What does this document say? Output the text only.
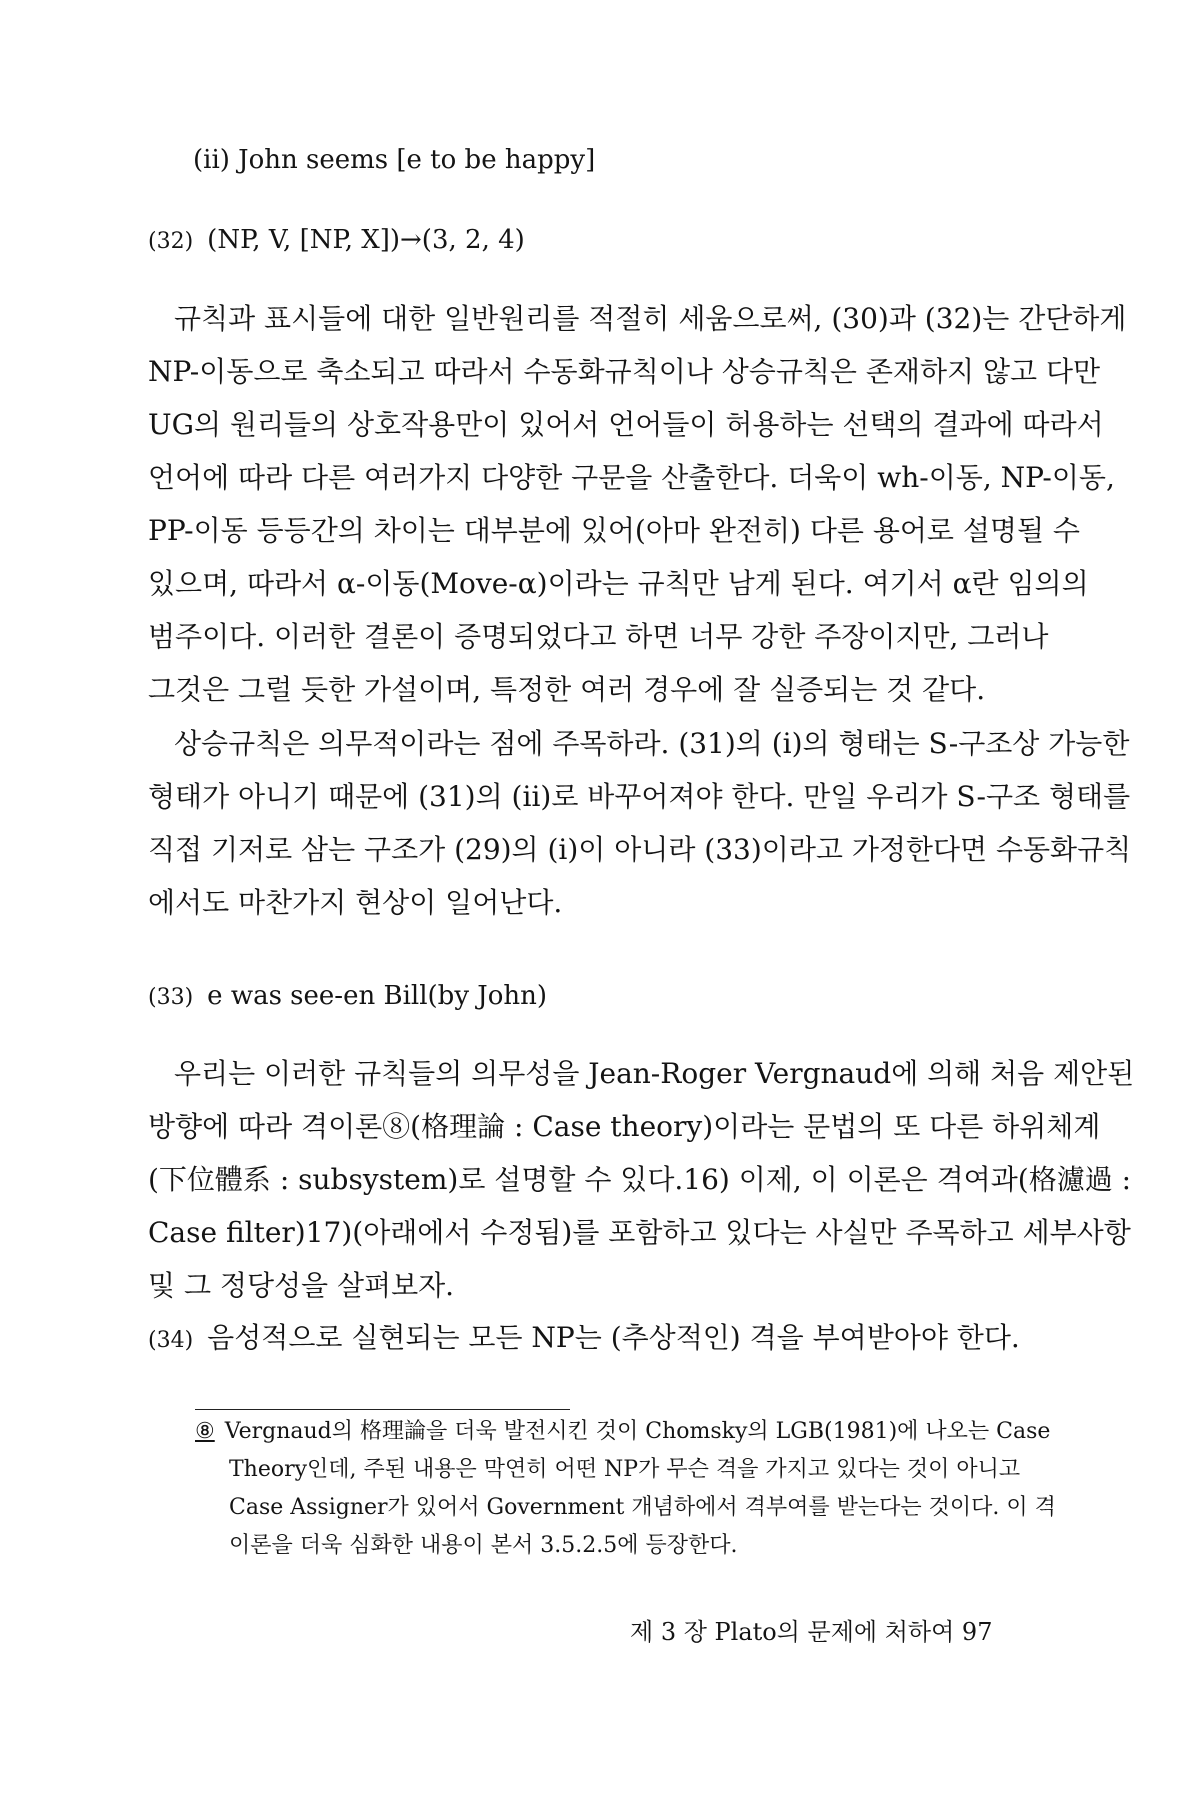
(ii) John seems [e to be happy]
(32) (NP, V, [NP, X])→(3, 2, 4)
규칙과 표시들에 대한 일반원리를 적절히 세움으로써, (30)과 (32)는 간단하게
NP-이동으로 축소되고 따라서 수동화규칙이나 상승규칙은 존재하지 않고 다만
UG의 원리들의 상호작용만이 있어서 언어들이 허용하는 선택의 결과에 따라서
언어에 따라 다른 여러가지 다양한 구문을 산출한다. 더욱이 wh-이동, NP-이동,
PP-이동 등등간의 차이는 대부분에 있어(아마 완전히) 다른 용어로 설명될 수
있으며, 따라서 α-이동(Move-α)이라는 규칙만 남게 된다. 여기서 α란 임의의
범주이다. 이러한 결론이 증명되었다고 하면 너무 강한 주장이지만, 그러나
그것은 그럴 듯한 가설이며, 특정한 여러 경우에 잘 실증되는 것 같다.
상승규칙은 의무적이라는 점에 주목하라. (31)의 (i)의 형태는 S-구조상 가능한
형태가 아니기 때문에 (31)의 (ii)로 바꾸어져야 한다. 만일 우리가 S-구조 형태를
직접 기저로 삼는 구조가 (29)의 (i)이 아니라 (33)이라고 가정한다면 수동화규칙
에서도 마찬가지 현상이 일어난다.
(33) e was see-en Bill(by John)
우리는 이러한 규칙들의 의무성을 Jean-Roger Vergnaud에 의해 처음 제안된
방향에 따라 격이론⑧(格理論 : Case theory)이라는 문법의 또 다른 하위체계
(下位體系 : subsystem)로 설명할 수 있다.16) 이제, 이 이론은 격여과(格濾過 :
Case filter)17)(아래에서 수정됨)를 포함하고 있다는 사실만 주목하고 세부사항
및 그 정당성을 살펴보자.
(34) 음성적으로 실현되는 모든 NP는 (추상적인) 격을 부여받아야 한다.
⑧ Vergnaud의 格理論을 더욱 발전시킨 것이 Chomsky의 LGB(1981)에 나오는 Case
Theory인데, 주된 내용은 막연히 어떤 NP가 무슨 격을 가지고 있다는 것이 아니고
Case Assigner가 있어서 Government 개념하에서 격부여를 받는다는 것이다. 이 격
이론을 더욱 심화한 내용이 본서 3.5.2.5에 등장한다.
제 3 장 Plato의 문제에 처하여 97
